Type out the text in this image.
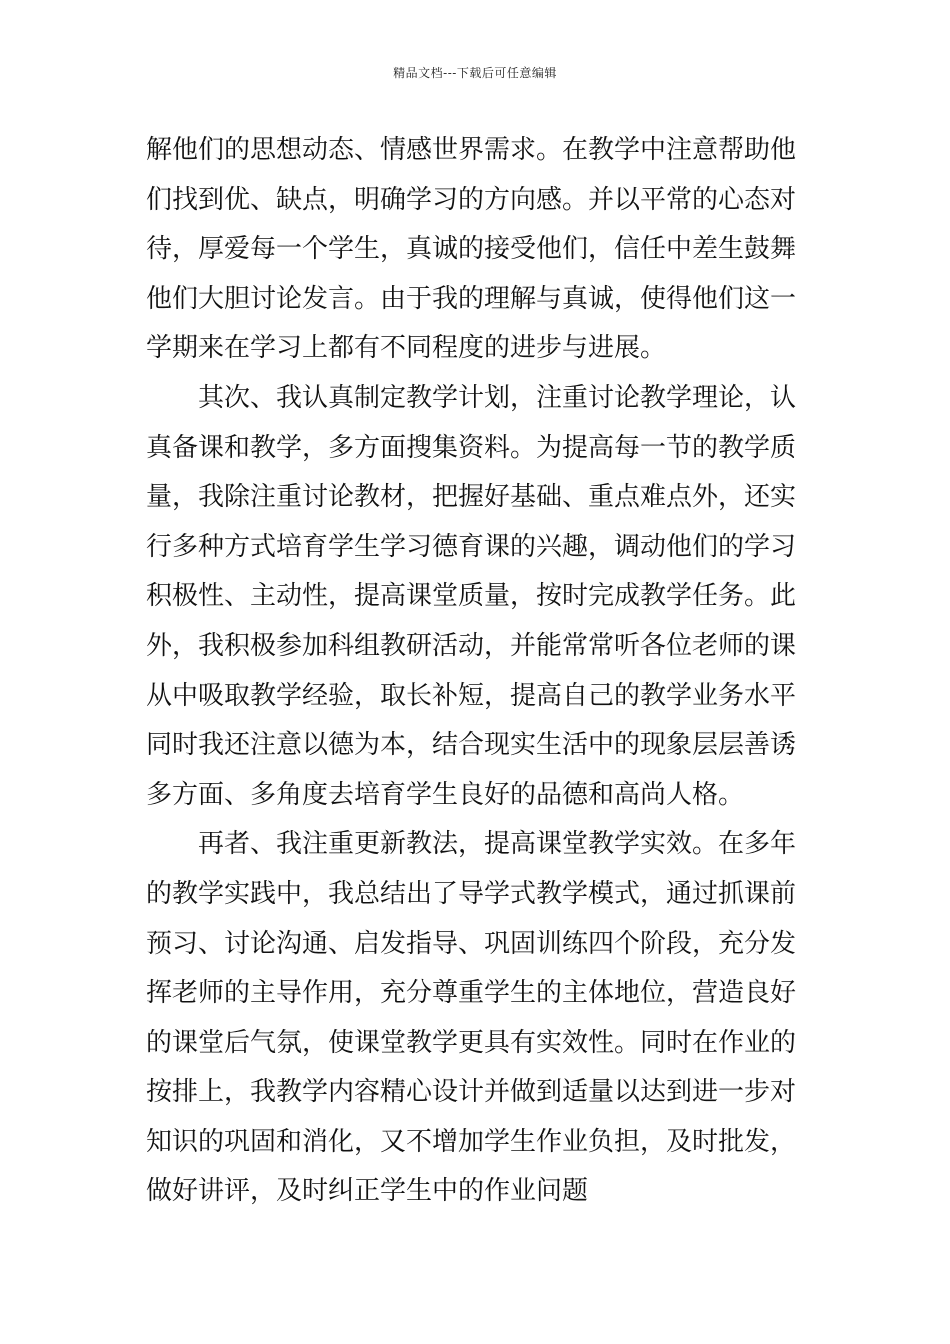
精品文档---下载后可任意编辑
解他们的思想动态、情感世界需求。在教学中注意帮助他
们找到优、缺点，明确学习的方向感。并以平常的心态对
待，厚爱每一个学生，真诚的接受他们，信任中差生鼓舞
他们大胆讨论发言。由于我的理解与真诚，使得他们这一
学期来在学习上都有不同程度的进步与进展。
其次、我认真制定教学计划，注重讨论教学理论，认
真备课和教学，多方面搜集资料。为提高每一节的教学质
量，我除注重讨论教材，把握好基础、重点难点外，还实
行多种方式培育学生学习德育课的兴趣，调动他们的学习
积极性、主动性，提高课堂质量，按时完成教学任务。此
外，我积极参加科组教研活动，并能常常听各位老师的课
从中吸取教学经验，取长补短，提高自己的教学业务水平
同时我还注意以德为本，结合现实生活中的现象层层善诱
多方面、多角度去培育学生良好的品德和高尚人格。
再者、我注重更新教法，提高课堂教学实效。在多年
的教学实践中，我总结出了导学式教学模式，通过抓课前
预习、讨论沟通、启发指导、巩固训练四个阶段，充分发
挥老师的主导作用，充分尊重学生的主体地位，营造良好
的课堂后气氛，使课堂教学更具有实效性。同时在作业的
按排上，我教学内容精心设计并做到适量以达到进一步对
知识的巩固和消化，又不增加学生作业负担，及时批发，
做好讲评，及时纠正学生中的作业问题
